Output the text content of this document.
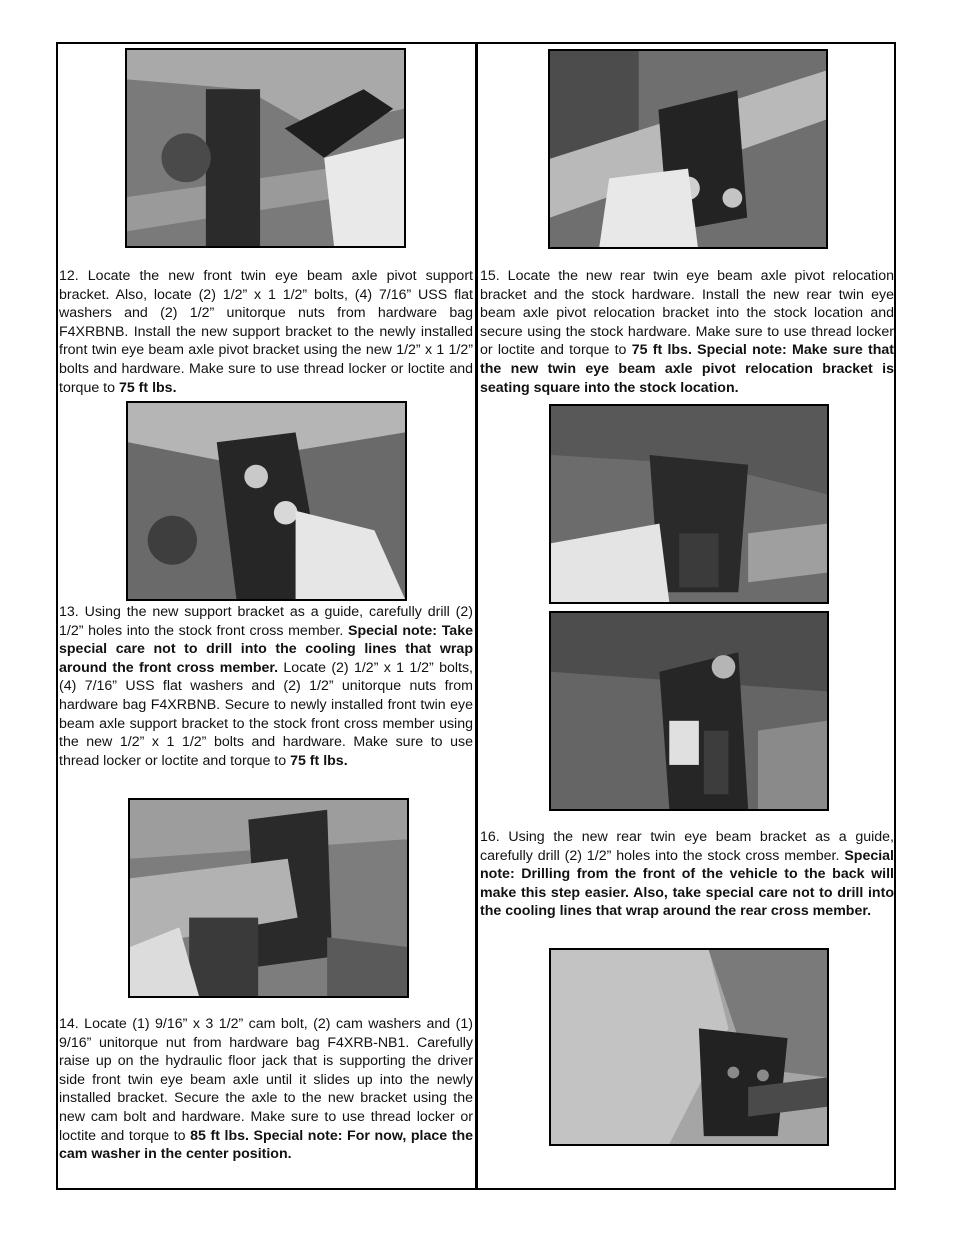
12. Locate the new front twin eye beam axle pivot support bracket. Also, locate (2) 1/2” x 1 1/2” bolts, (4) 7/16” USS flat washers and (2) 1/2” unitorque nuts from hardware bag F4XRBNB. Install the new support bracket to the newly installed front twin eye beam axle pivot bracket using the new 1/2” x 1 1/2” bolts and hardware. Make sure to use thread locker or loctite and torque to 75 ft lbs.

13. Using the new support bracket as a guide, carefully drill (2) 1/2” holes into the stock front cross member. Special note: Take special care not to drill into the cooling lines that wrap around the front cross member. Locate (2) 1/2” x 1 1/2” bolts, (4) 7/16” USS flat washers and (2) 1/2” unitorque nuts from hardware bag F4XRBNB. Secure to newly installed front twin eye beam axle support bracket to the stock front cross member using the new 1/2” x 1 1/2” bolts and hardware. Make sure to use thread locker or loctite and torque to 75 ft lbs.

14. Locate (1) 9/16” x 3 1/2” cam bolt, (2) cam washers and (1) 9/16” unitorque nut from hardware bag F4XRB-NB1. Carefully raise up on the hydraulic floor jack that is supporting the driver side front twin eye beam axle until it slides up into the newly installed bracket. Secure the axle to the new bracket using the new cam bolt and hardware. Make sure to use thread locker or loctite and torque to 85 ft lbs. Special note: For now, place the cam washer in the center position.

15. Locate the new rear twin eye beam axle pivot relocation bracket and the stock hardware. Install the new rear twin eye beam axle pivot relocation bracket into the stock location and secure using the stock hardware. Make sure to use thread locker or loctite and torque to 75 ft lbs. Special note: Make sure that the new twin eye beam axle pivot relocation bracket is seating square into the stock location.

16. Using the new rear twin eye beam bracket as a guide, carefully drill (2) 1/2” holes into the stock cross member. Special note: Drilling from the front of the vehicle to the back will make this step easier. Also, take special care not to drill into the cooling lines that wrap around the rear cross member.
